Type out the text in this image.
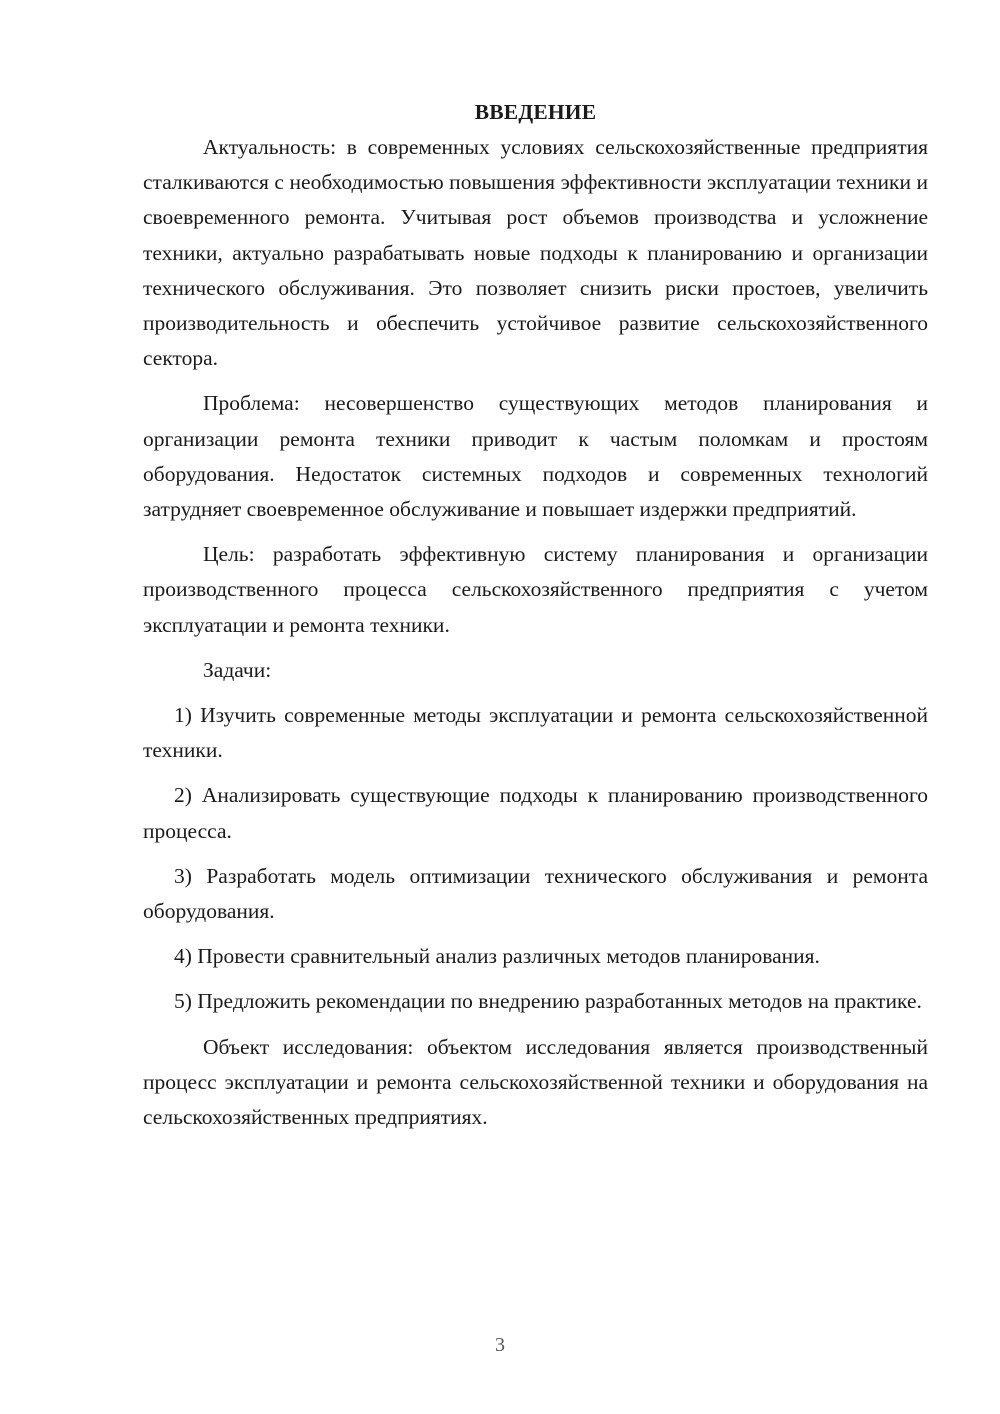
ВВЕДЕНИЕ

Актуальность: в современных условиях сельскохозяйственные предприятия сталкиваются с необходимостью повышения эффективности эксплуатации техники и своевременного ремонта. Учитывая рост объемов производства и усложнение техники, актуально разрабатывать новые подходы к планированию и организации технического обслуживания. Это позволяет снизить риски простоев, увеличить производительность и обеспечить устойчивое развитие сельскохозяйственного сектора.

Проблема: несовершенство существующих методов планирования и организации ремонта техники приводит к частым поломкам и простоям оборудования. Недостаток системных подходов и современных технологий затрудняет своевременное обслуживание и повышает издержки предприятий.

Цель: разработать эффективную систему планирования и организации производственного процесса сельскохозяйственного предприятия с учетом эксплуатации и ремонта техники.

Задачи:

1) Изучить современные методы эксплуатации и ремонта сельскохозяйственной техники.

2) Анализировать существующие подходы к планированию производственного процесса.

3) Разработать модель оптимизации технического обслуживания и ремонта оборудования.

4) Провести сравнительный анализ различных методов планирования.

5) Предложить рекомендации по внедрению разработанных методов на практике.

Объект исследования: объектом исследования является производственный процесс эксплуатации и ремонта сельскохозяйственной техники и оборудования на сельскохозяйственных предприятиях.

3
